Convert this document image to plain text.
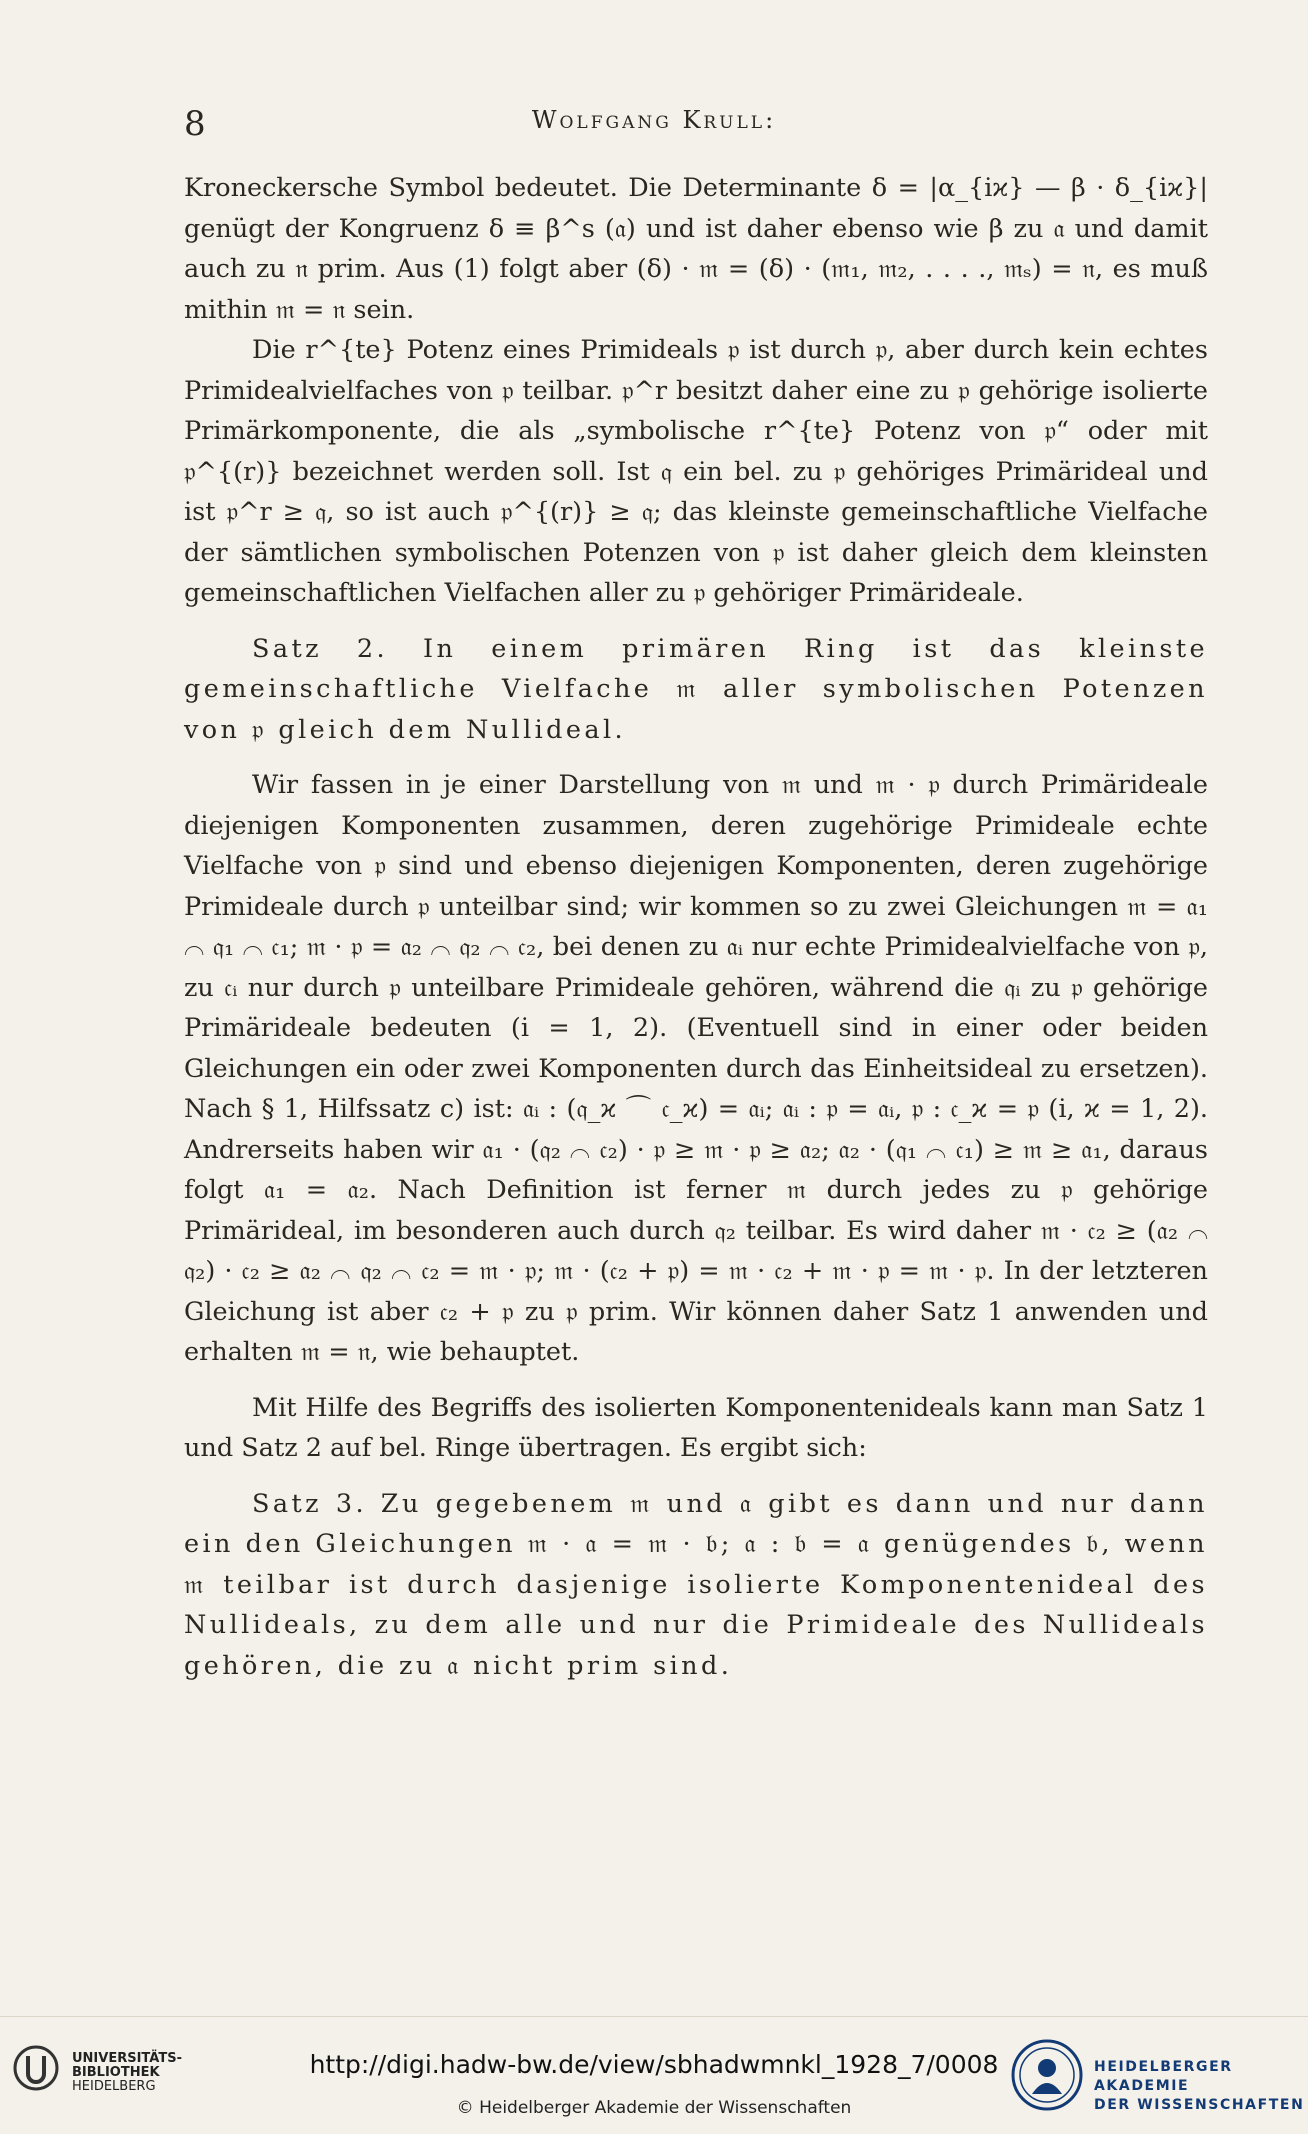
8	Wolfgang Krull:

Kroneckersche Symbol bedeutet. Die Determinante δ = |α_{iϰ} — β · δ_{iϰ}| genügt der Kongruenz δ ≡ β^s (𝔞) und ist daher ebenso wie β zu 𝔞 und damit auch zu 𝔫 prim. Aus (1) folgt aber (δ) · 𝔪 = (δ) · (𝔪₁, 𝔪₂, . . . ., 𝔪ₛ) = 𝔫, es muß mithin 𝔪 = 𝔫 sein.

Die r^{te} Potenz eines Primideals 𝔭 ist durch 𝔭, aber durch kein echtes Primidealvielfaches von 𝔭 teilbar. 𝔭^r besitzt daher eine zu 𝔭 gehörige isolierte Primärkomponente, die als „symbolische r^{te} Potenz von 𝔭“ oder mit 𝔭^{(r)} bezeichnet werden soll. Ist 𝔮 ein bel. zu 𝔭 gehöriges Primärideal und ist 𝔭^r ≥ 𝔮, so ist auch 𝔭^{(r)} ≥ 𝔮; das kleinste gemeinschaftliche Vielfache der sämtlichen symbolischen Potenzen von 𝔭 ist daher gleich dem kleinsten gemeinschaftlichen Vielfachen aller zu 𝔭 gehöriger Primärideale.

Satz 2. In einem primären Ring ist das kleinste gemeinschaftliche Vielfache 𝔪 aller symbolischen Potenzen von 𝔭 gleich dem Nullideal.

Wir fassen in je einer Darstellung von 𝔪 und 𝔪 · 𝔭 durch Primärideale diejenigen Komponenten zusammen, deren zugehörige Primideale echte Vielfache von 𝔭 sind und ebenso diejenigen Komponenten, deren zugehörige Primideale durch 𝔭 unteilbar sind; wir kommen so zu zwei Gleichungen 𝔪 = 𝔞₁ ⌒ 𝔮₁ ⌒ 𝔠₁; 𝔪 · 𝔭 = 𝔞₂ ⌒ 𝔮₂ ⌒ 𝔠₂, bei denen zu 𝔞ᵢ nur echte Primidealvielfache von 𝔭, zu 𝔠ᵢ nur durch 𝔭 unteilbare Primideale gehören, während die 𝔮ᵢ zu 𝔭 gehörige Primärideale bedeuten (i = 1, 2). (Eventuell sind in einer oder beiden Gleichungen ein oder zwei Komponenten durch das Einheitsideal zu ersetzen). Nach § 1, Hilfssatz c) ist: 𝔞ᵢ : (𝔮_ϰ ⌒ 𝔠_ϰ) = 𝔞ᵢ; 𝔞ᵢ : 𝔭 = 𝔞ᵢ, 𝔭 : 𝔠_ϰ = 𝔭 (i, ϰ = 1, 2). Andrerseits haben wir 𝔞₁ · (𝔮₂ ⌒ 𝔠₂) · 𝔭 ≥ 𝔪 · 𝔭 ≥ 𝔞₂; 𝔞₂ · (𝔮₁ ⌒ 𝔠₁) ≥ 𝔪 ≥ 𝔞₁, daraus folgt 𝔞₁ = 𝔞₂. Nach Definition ist ferner 𝔪 durch jedes zu 𝔭 gehörige Primärideal, im besonderen auch durch 𝔮₂ teilbar. Es wird daher 𝔪 · 𝔠₂ ≥ (𝔞₂ ⌒ 𝔮₂) · 𝔠₂ ≥ 𝔞₂ ⌒ 𝔮₂ ⌒ 𝔠₂ = 𝔪 · 𝔭; 𝔪 · (𝔠₂ + 𝔭) = 𝔪 · 𝔠₂ + 𝔪 · 𝔭 = 𝔪 · 𝔭. In der letzteren Gleichung ist aber 𝔠₂ + 𝔭 zu 𝔭 prim. Wir können daher Satz 1 anwenden und erhalten 𝔪 = 𝔫, wie behauptet.

Mit Hilfe des Begriffs des isolierten Komponentenideals kann man Satz 1 und Satz 2 auf bel. Ringe übertragen. Es ergibt sich:

Satz 3. Zu gegebenem 𝔪 und 𝔞 gibt es dann und nur dann ein den Gleichungen 𝔪 · 𝔞 = 𝔪 · 𝔟; 𝔞 : 𝔟 = 𝔞 genügendes 𝔟, wenn 𝔪 teilbar ist durch dasjenige isolierte Komponentenideal des Nullideals, zu dem alle und nur die Primideale des Nullideals gehören, die zu 𝔞 nicht prim sind.

UNIVERSITÄTS-
BIBLIOTHEK
HEIDELBERG
http://digi.hadw-bw.de/view/sbhadwmnkl_1928_7/0008
© Heidelberger Akademie der Wissenschaften
HEIDELBERGER AKADEMIE
DER WISSENSCHAFTEN
